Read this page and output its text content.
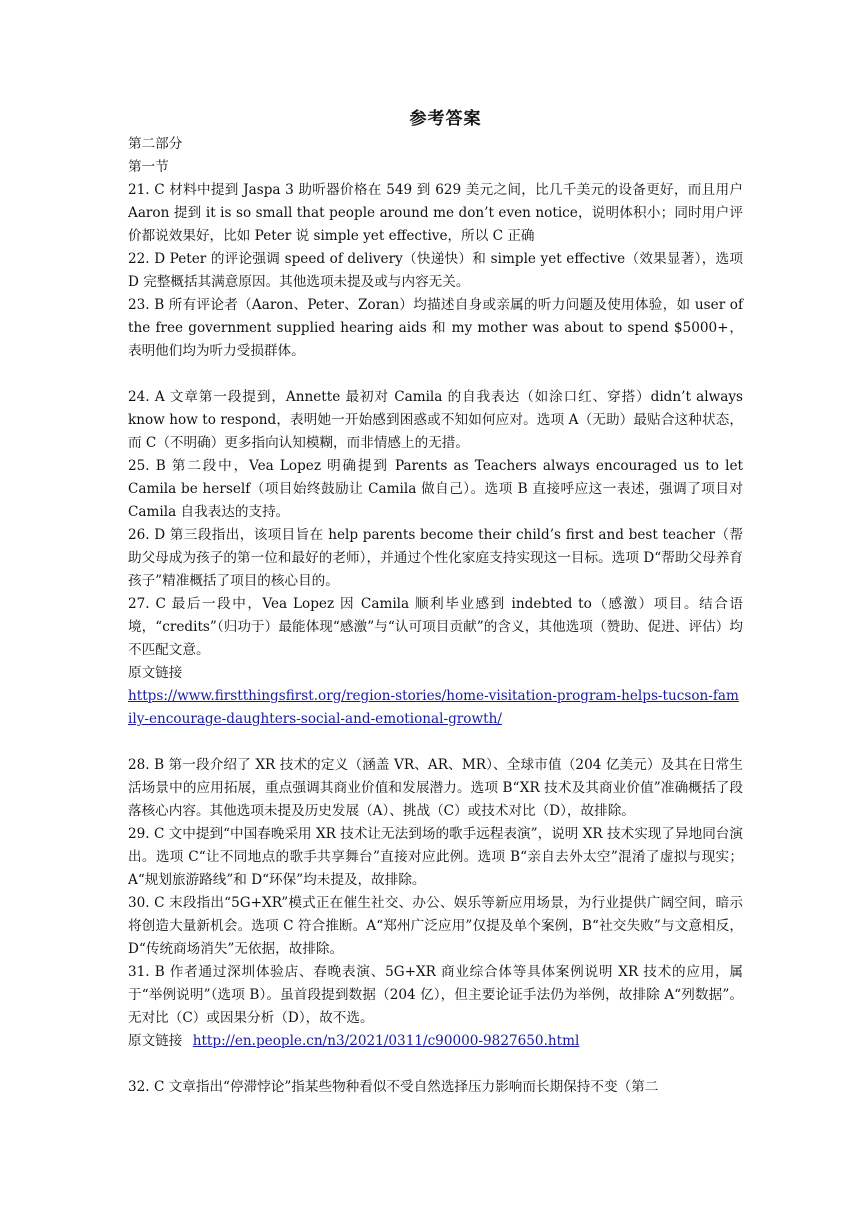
参考答案

第二部分

第一节

21. C 材料中提到 Jaspa 3 助听器价格在 549 到 629 美元之间，比几千美元的设备更好，而且用户 Aaron 提到 it is so small that people around me don’t even notice，说明体积小；同时用户评价都说效果好，比如 Peter 说 simple yet effective，所以 C 正确

22. D Peter 的评论强调 speed of delivery（快递快）和 simple yet effective（效果显著），选项 D 完整概括其满意原因。其他选项未提及或与内容无关。

23. B 所有评论者（Aaron、Peter、Zoran）均描述自身或亲属的听力问题及使用体验，如 user of the free government supplied hearing aids 和 my mother was about to spend $5000+，表明他们均为听力受损群体。

24. A 文章第一段提到，Annette 最初对 Camila 的自我表达（如涂口红、穿搭）didn’t always know how to respond，表明她一开始感到困惑或不知如何应对。选项 A（无助）最贴合这种状态，而 C（不明确）更多指向认知模糊，而非情感上的无措。

25. B 第二段中，Vea Lopez 明确提到 Parents as Teachers always encouraged us to let Camila be herself（项目始终鼓励让 Camila 做自己）。选项 B 直接呼应这一表述，强调了项目对 Camila 自我表达的支持。

26. D 第三段指出，该项目旨在 help parents become their child’s first and best teacher（帮助父母成为孩子的第一位和最好的老师），并通过个性化家庭支持实现这一目标。选项 D“帮助父母养育孩子”精准概括了项目的核心目的。

27. C 最后一段中，Vea Lopez 因 Camila 顺利毕业感到 indebted to（感激）项目。结合语境，“credits”（归功于）最能体现“感激”与“认可项目贡献”的含义，其他选项（赞助、促进、评估）均不匹配文意。

原文链接

https://www.firstthingsfirst.org/region-stories/home-visitation-program-helps-tucson-family-encourage-daughters-social-and-emotional-growth/

28. B 第一段介绍了 XR 技术的定义（涵盖 VR、AR、MR）、全球市值（204 亿美元）及其在日常生活场景中的应用拓展，重点强调其商业价值和发展潜力。选项 B“XR 技术及其商业价值”准确概括了段落核心内容。其他选项未提及历史发展（A）、挑战（C）或技术对比（D），故排除。

29. C 文中提到“中国春晚采用 XR 技术让无法到场的歌手远程表演”，说明 XR 技术实现了异地同台演出。选项 C“让不同地点的歌手共享舞台”直接对应此例。选项 B“亲自去外太空”混淆了虚拟与现实；A“规划旅游路线”和 D“环保”均未提及，故排除。

30. C 末段指出“5G+XR”模式正在催生社交、办公、娱乐等新应用场景，为行业提供广阔空间，暗示将创造大量新机会。选项 C 符合推断。A“郑州广泛应用”仅提及单个案例，B“社交失败”与文意相反，D“传统商场消失”无依据，故排除。

31. B 作者通过深圳体验店、春晚表演、5G+XR 商业综合体等具体案例说明 XR 技术的应用，属于“举例说明”（选项 B）。虽首段提到数据（204 亿），但主要论证手法仍为举例，故排除 A“列数据”。无对比（C）或因果分析（D），故不选。

原文链接 http://en.people.cn/n3/2021/0311/c90000-9827650.html

32. C 文章指出“停滞悖论”指某些物种看似不受自然选择压力影响而长期保持不变（第二
